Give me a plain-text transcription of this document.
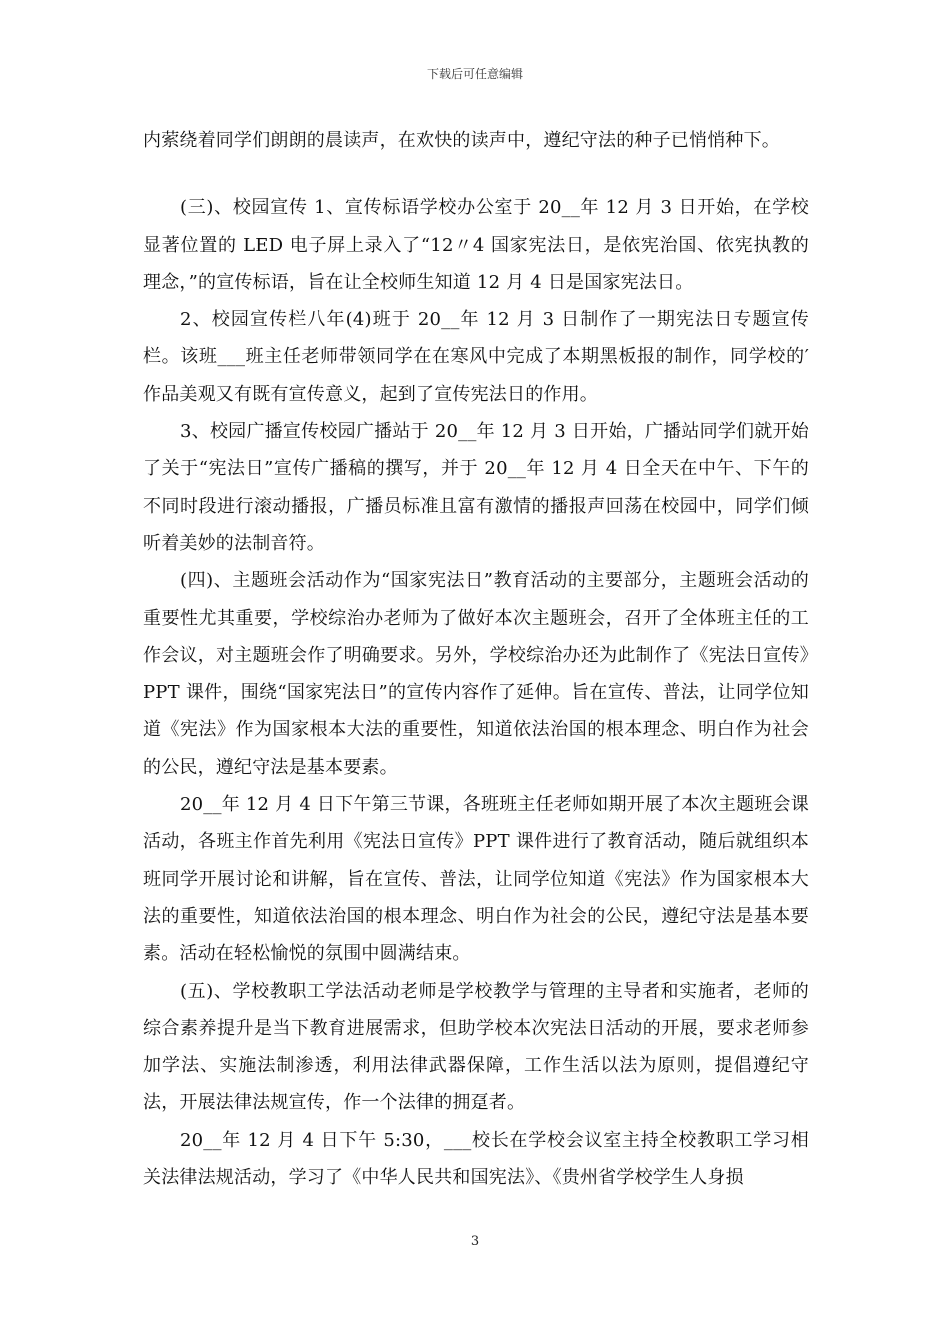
下载后可任意编辑

内萦绕着同学们朗朗的晨读声，在欢快的读声中，遵纪守法的种子已悄悄种下。

(三)、校园宣传 1、宣传标语学校办公室于 20__年 12 月 3 日开始，在学校显著位置的 LED 电子屏上录入了“12〃4 国家宪法日，是依宪治国、依宪执教的理念，”的宣传标语，旨在让全校师生知道 12 月 4 日是国家宪法日。

2、校园宣传栏八年(4)班于 20__年 12 月 3 日制作了一期宪法日专题宣传栏。该班___班主任老师带领同学在在寒风中完成了本期黑板报的制作，同学校的′作品美观又有既有宣传意义，起到了宣传宪法日的作用。

3、校园广播宣传校园广播站于 20__年 12 月 3 日开始，广播站同学们就开始了关于“宪法日”宣传广播稿的撰写，并于 20__年 12 月 4 日全天在中午、下午的不同时段进行滚动播报，广播员标准且富有激情的播报声回荡在校园中，同学们倾听着美妙的法制音符。

(四)、主题班会活动作为“国家宪法日”教育活动的主要部分，主题班会活动的重要性尤其重要，学校综治办老师为了做好本次主题班会，召开了全体班主任的工作会议，对主题班会作了明确要求。另外，学校综治办还为此制作了《宪法日宣传》PPT 课件，围绕“国家宪法日”的宣传内容作了延伸。旨在宣传、普法，让同学位知道《宪法》作为国家根本大法的重要性，知道依法治国的根本理念、明白作为社会的公民，遵纪守法是基本要素。

20__年 12 月 4 日下午第三节课，各班班主任老师如期开展了本次主题班会课活动，各班主作首先利用《宪法日宣传》PPT 课件进行了教育活动，随后就组织本班同学开展讨论和讲解，旨在宣传、普法，让同学位知道《宪法》作为国家根本大法的重要性，知道依法治国的根本理念、明白作为社会的公民，遵纪守法是基本要素。活动在轻松愉悦的氛围中圆满结束。

(五)、学校教职工学法活动老师是学校教学与管理的主导者和实施者，老师的综合素养提升是当下教育进展需求，但助学校本次宪法日活动的开展，要求老师参加学法、实施法制渗透，利用法律武器保障，工作生活以法为原则，提倡遵纪守法，开展法律法规宣传，作一个法律的拥趸者。

20__年 12 月 4 日下午 5:30，___校长在学校会议室主持全校教职工学习相关法律法规活动，学习了《中华人民共和国宪法》、《贵州省学校学生人身损

3
